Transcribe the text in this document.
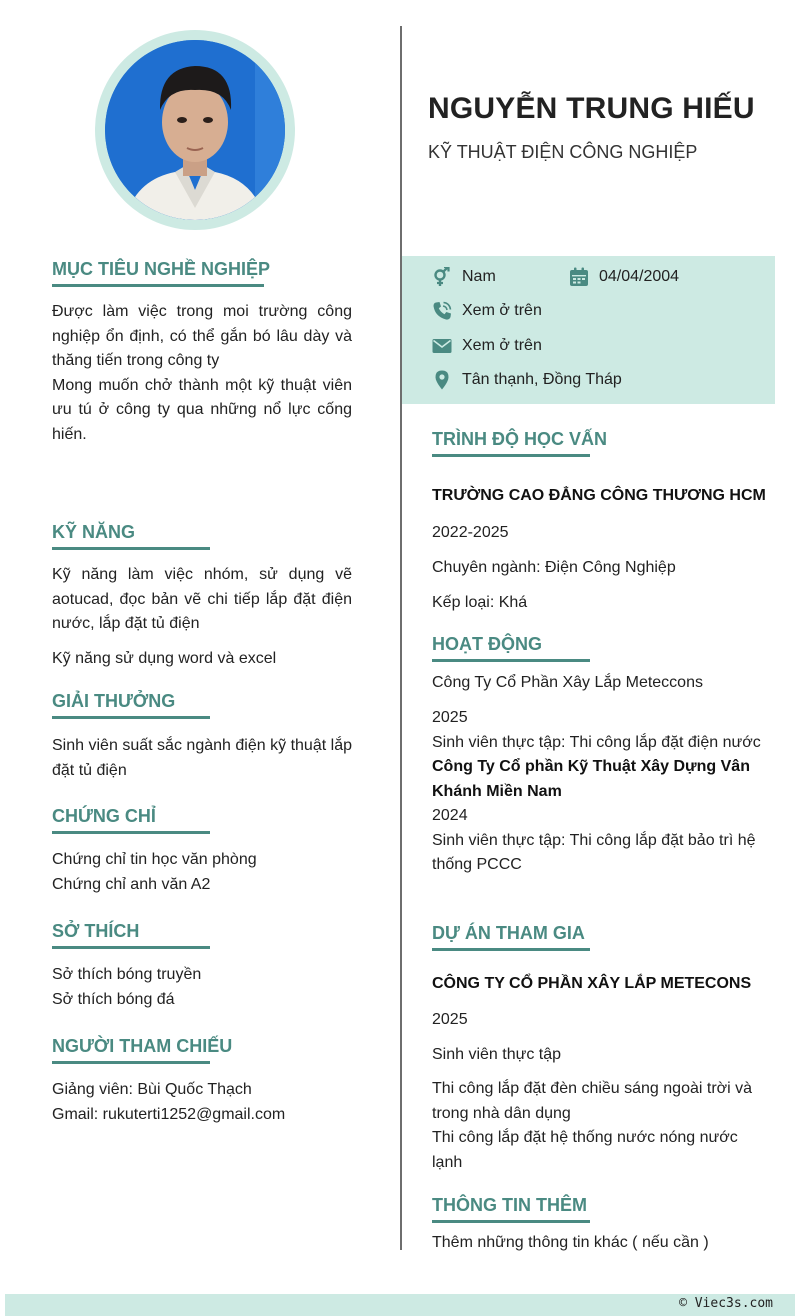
MỤC TIÊU NGHỀ NGHIỆP

Được làm việc trong moi trường công nghiệp ổn định, có thể gắn bó lâu dày và thăng tiến trong công ty

Mong muốn chở thành một kỹ thuật viên ưu tú ở công ty qua những nổ lực cống hiến.

KỸ NĂNG

Kỹ năng làm việc nhóm, sử dụng vẽ aotucad, đọc bản vẽ chi tiếp lắp đặt điện nước, lắp đặt tủ điện

Kỹ năng sử dụng word và excel

GIẢI THƯỞNG

Sinh viên suất sắc ngành điện kỹ thuật lắp đặt tủ điện

CHỨNG CHỈ

Chứng chỉ tin học văn phòng

Chứng chỉ anh văn A2

SỞ THÍCH

Sở thích bóng truyền

Sở thích bóng đá

NGƯỜI THAM CHIẾU

Giảng viên: Bùi Quốc Thạch

Gmail: rukuterti1252@gmail.com

NGUYỄN TRUNG HIẾU
KỸ THUẬT ĐIỆN CÔNG NGHIỆP
Nam	04/04/2004
Xem ở trên
Xem ở trên
Tân thạnh, Đồng Tháp
TRÌNH ĐỘ HỌC VẤN

TRƯỜNG CAO ĐẲNG CÔNG THƯƠNG HCM

2022-2025

Chuyên ngành: Điện Công Nghiệp

Kếp loại: Khá

HOẠT ĐỘNG

Công Ty Cổ Phần Xây Lắp Meteccons

2025

Sinh viên thực tập: Thi công lắp đặt điện nước

Công Ty Cổ phần Kỹ Thuật Xây Dựng Vân Khánh Miền Nam

2024

Sinh viên thực tập: Thi công lắp đặt bảo trì hệ thống PCCC

DỰ ÁN THAM GIA

CÔNG TY CỔ PHẦN XÂY LẮP METECONS

2025

Sinh viên thực tập

Thi công lắp đặt đèn chiều sáng ngoài trời và trong nhà dân dụng

Thi công lắp đặt hệ thống nước nóng nước lạnh

THÔNG TIN THÊM

Thêm những thông tin khác ( nếu cần )

© Viec3s.com
